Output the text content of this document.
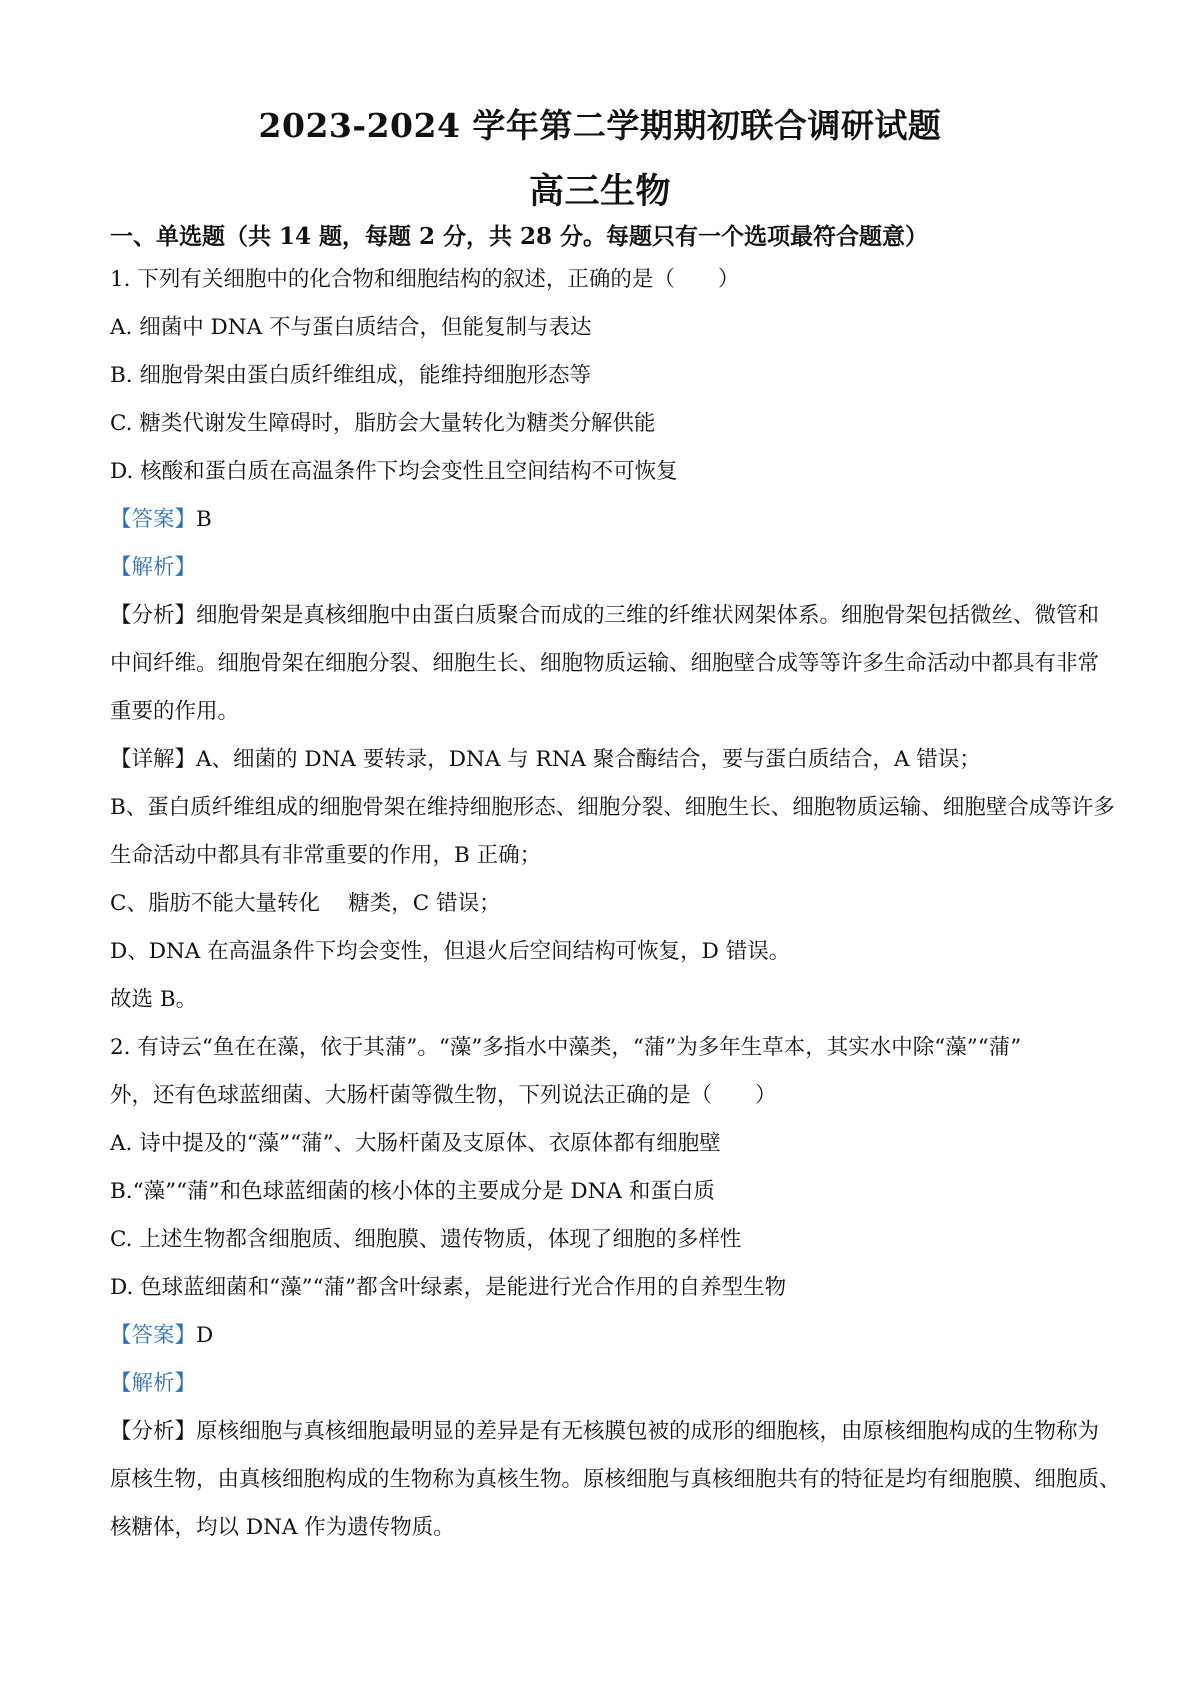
2023-2024 学年第二学期期初联合调研试题
高三生物
一、单选题（共 14 题，每题 2 分，共 28 分。每题只有一个选项最符合题意）
1. 下列有关细胞中的化合物和细胞结构的叙述，正确的是（　　）
A. 细菌中 DNA 不与蛋白质结合，但能复制与表达
B. 细胞骨架由蛋白质纤维组成，能维持细胞形态等
C. 糖类代谢发生障碍时，脂肪会大量转化为糖类分解供能
D. 核酸和蛋白质在高温条件下均会变性且空间结构不可恢复
【答案】B
【解析】
【分析】细胞骨架是真核细胞中由蛋白质聚合而成的三维的纤维状网架体系。细胞骨架包括微丝、微管和
中间纤维。细胞骨架在细胞分裂、细胞生长、细胞物质运输、细胞壁合成等等许多生命活动中都具有非常
重要的作用。
【详解】A、细菌的 DNA 要转录，DNA 与 RNA 聚合酶结合，要与蛋白质结合，A 错误；
B、蛋白质纤维组成的细胞骨架在维持细胞形态、细胞分裂、细胞生长、细胞物质运输、细胞壁合成等许多
生命活动中都具有非常重要的作用，B 正确；
C、脂肪不能大量转化　 糖类，C 错误；
D、DNA 在高温条件下均会变性，但退火后空间结构可恢复，D 错误。
故选 B。
2. 有诗云“鱼在在藻，依于其蒲”。“藻”多指水中藻类，“蒲”为多年生草本，其实水中除“藻”“蒲”
外，还有色球蓝细菌、大肠杆菌等微生物，下列说法正确的是（　　）
A. 诗中提及的“藻”“蒲”、大肠杆菌及支原体、衣原体都有细胞壁
B.“藻”“蒲”和色球蓝细菌的核小体的主要成分是 DNA 和蛋白质
C. 上述生物都含细胞质、细胞膜、遗传物质，体现了细胞的多样性
D. 色球蓝细菌和“藻”“蒲”都含叶绿素，是能进行光合作用的自养型生物
【答案】D
【解析】
【分析】原核细胞与真核细胞最明显的差异是有无核膜包被的成形的细胞核，由原核细胞构成的生物称为
原核生物，由真核细胞构成的生物称为真核生物。原核细胞与真核细胞共有的特征是均有细胞膜、细胞质、
核糖体，均以 DNA 作为遗传物质。
